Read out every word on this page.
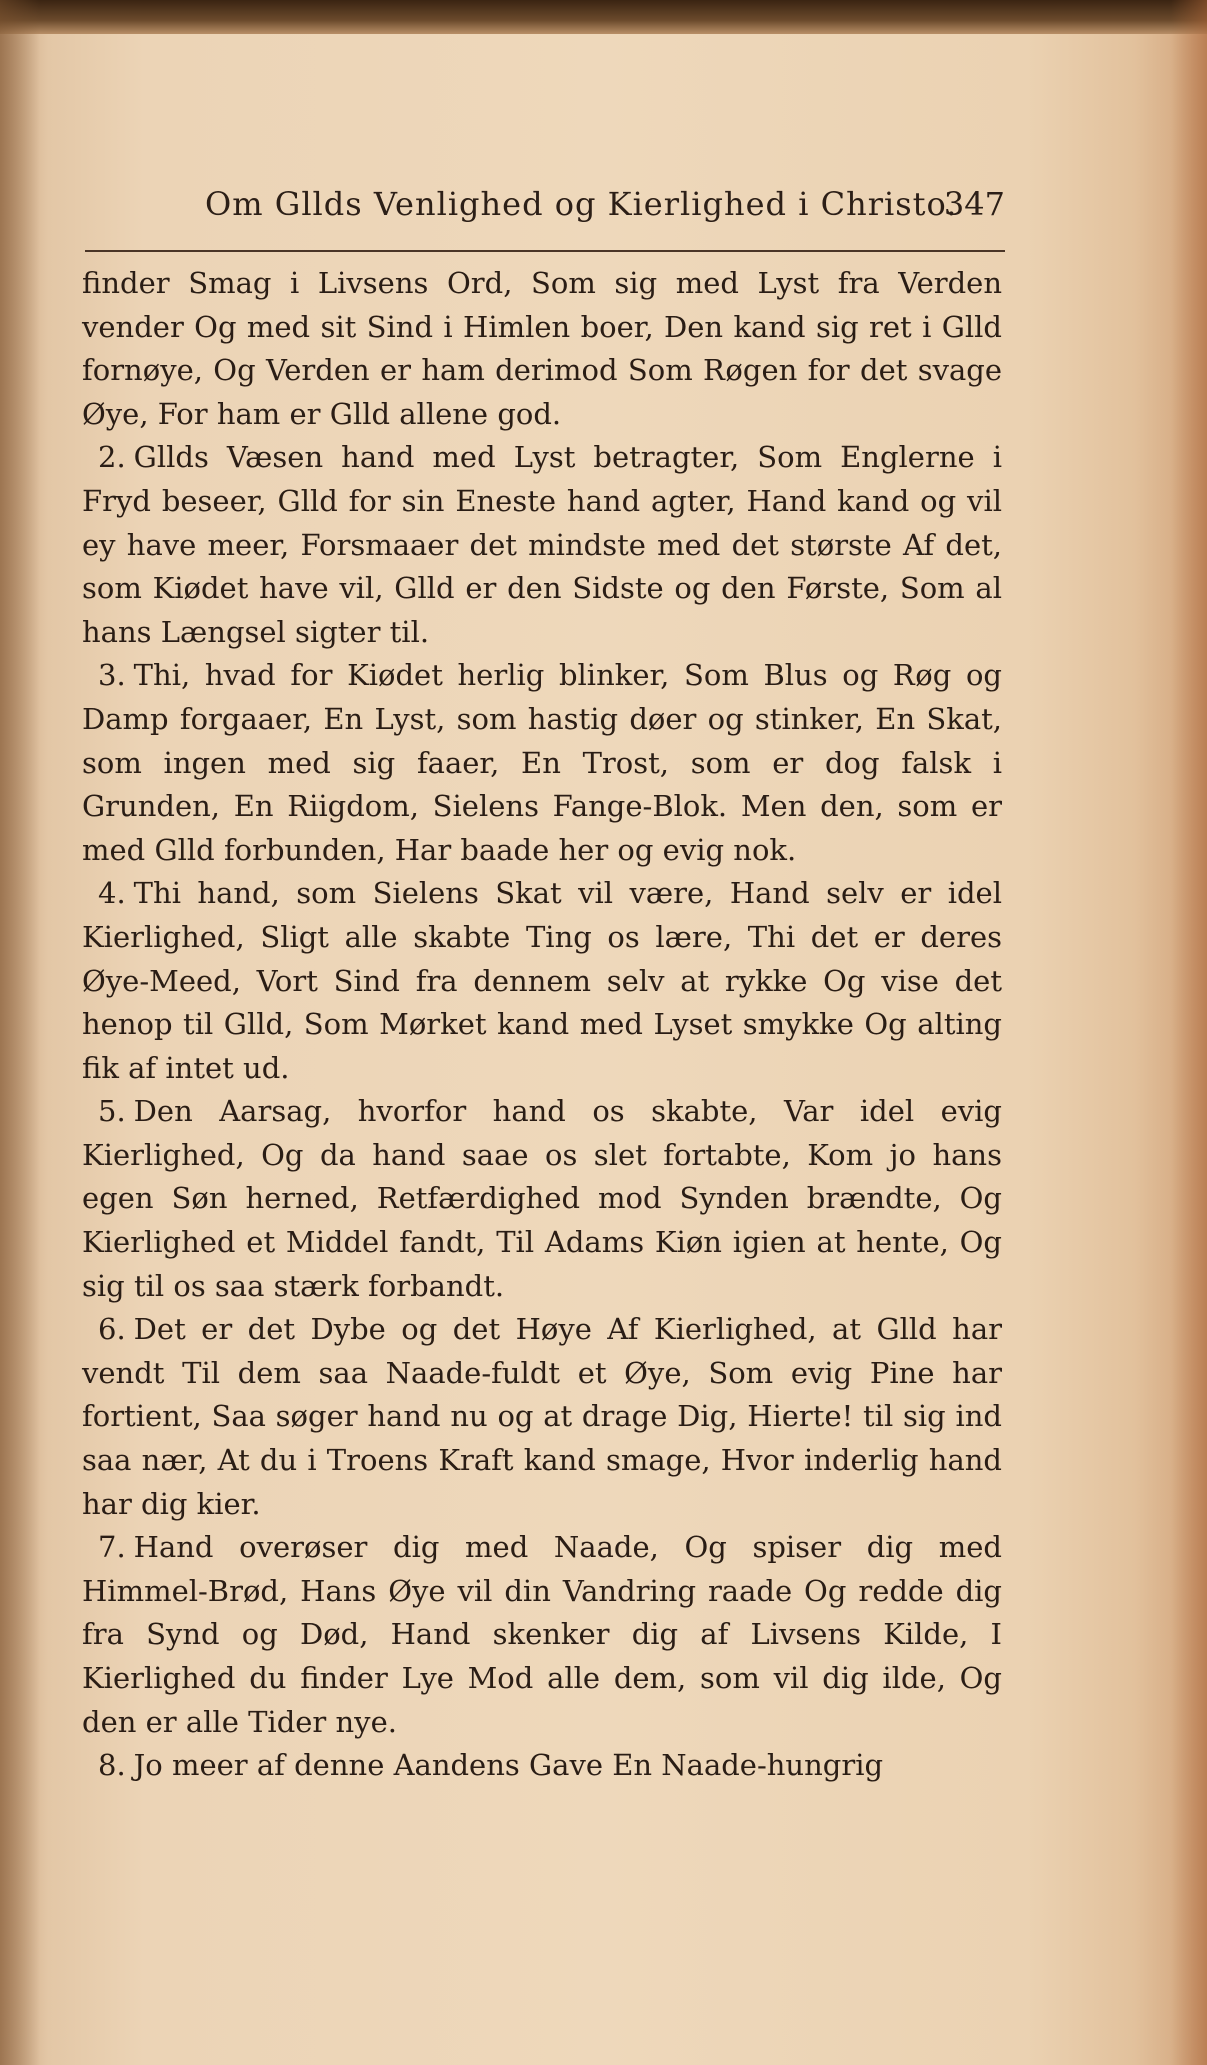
Om Gllds Venlighed og Kierlighed i Christo.
347

finder Smag i Livsens Ord, Som sig med Lyst fra Verden vender Og med sit Sind i Himlen boer, Den kand sig ret i Glld fornøye, Og Verden er ham derimod Som Røgen for det svage Øye, For ham er Glld allene god.

2. Gllds Væsen hand med Lyst betragter, Som Englerne i Fryd beseer, Glld for sin Eneste hand agter, Hand kand og vil ey have meer, Forsmaaer det mindste med det største Af det, som Kiødet have vil, Glld er den Sidste og den Første, Som al hans Længsel sigter til.

3. Thi, hvad for Kiødet herlig blinker, Som Blus og Røg og Damp forgaaer, En Lyst, som hastig døer og stinker, En Skat, som ingen med sig faaer, En Trost, som er dog falsk i Grunden, En Riigdom, Sielens Fange-Blok. Men den, som er med Glld forbunden, Har baade her og evig nok.

4. Thi hand, som Sielens Skat vil være, Hand selv er idel Kierlighed, Sligt alle skabte Ting os lære, Thi det er deres Øye-Meed, Vort Sind fra dennem selv at rykke Og vise det henop til Glld, Som Mørket kand med Lyset smykke Og alting fik af intet ud.

5. Den Aarsag, hvorfor hand os skabte, Var idel evig Kierlighed, Og da hand saae os slet fortabte, Kom jo hans egen Søn herned, Retfærdighed mod Synden brændte, Og Kierlighed et Middel fandt, Til Adams Kiøn igien at hente, Og sig til os saa stærk forbandt.

6. Det er det Dybe og det Høye Af Kierlighed, at Glld har vendt Til dem saa Naade-fuldt et Øye, Som evig Pine har fortient, Saa søger hand nu og at drage Dig, Hierte! til sig ind saa nær, At du i Troens Kraft kand smage, Hvor inderlig hand har dig kier.

7. Hand overøser dig med Naade, Og spiser dig med Himmel-Brød, Hans Øye vil din Vandring raade Og redde dig fra Synd og Død, Hand skenker dig af Livsens Kilde, I Kierlighed du finder Lye Mod alle dem, som vil dig ilde, Og den er alle Tider nye.

8. Jo meer af denne Aandens Gave En Naade-hungrig
